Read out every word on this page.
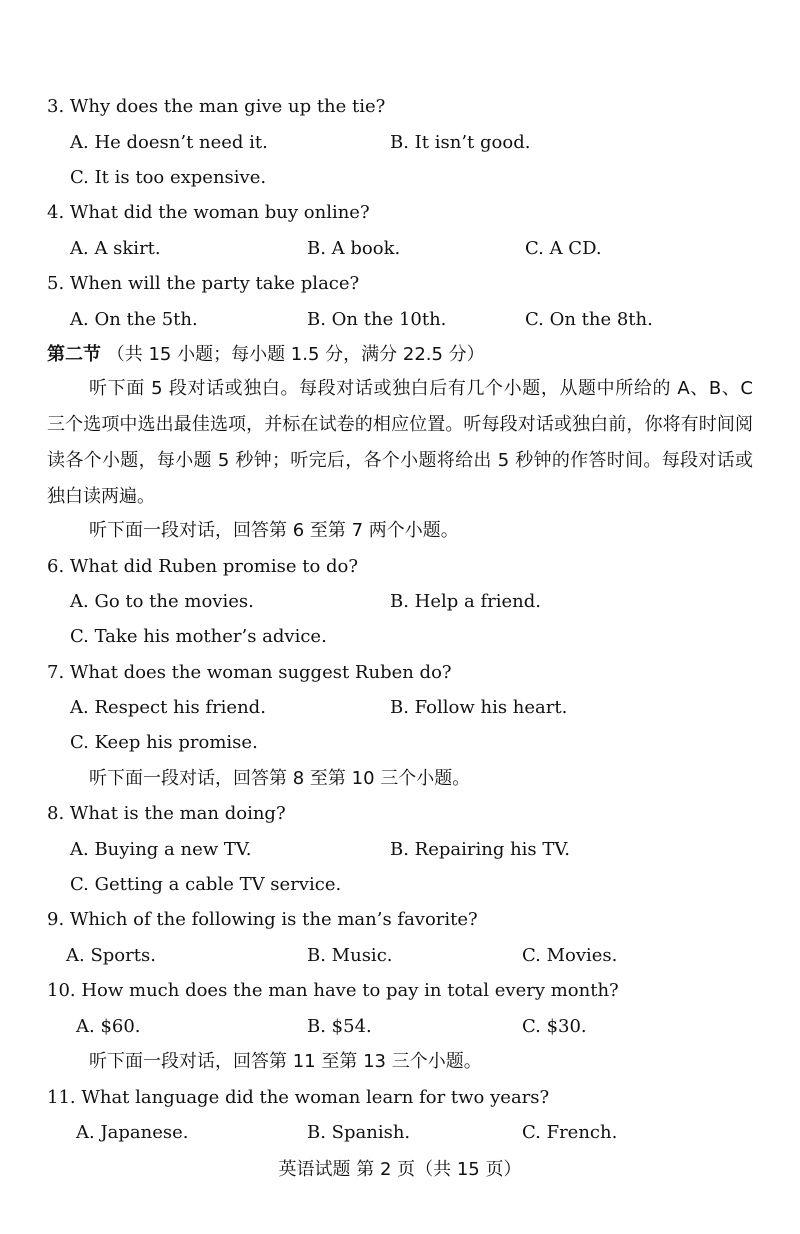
3. Why does the man give up the tie?
A. He doesn’t need it.	B. It isn’t good.
C. It is too expensive.
4. What did the woman buy online?
A. A skirt.	B. A book.	C. A CD.
5. When will the party take place?
A. On the 5th.	B. On the 10th.	C. On the 8th.
第二节 （共 15 小题；每小题 1.5 分，满分 22.5 分）
听下面 5 段对话或独白。每段对话或独白后有几个小题，从题中所给的 A、B、C 三个选项中选出最佳选项，并标在试卷的相应位置。听每段对话或独白前，你将有时间阅读各个小题，每小题 5 秒钟；听完后，各个小题将给出 5 秒钟的作答时间。每段对话或独白读两遍。
听下面一段对话，回答第 6 至第 7 两个小题。
6. What did Ruben promise to do?
A. Go to the movies.	B. Help a friend.
C. Take his mother’s advice.
7. What does the woman suggest Ruben do?
A. Respect his friend.	B. Follow his heart.
C. Keep his promise.
听下面一段对话，回答第 8 至第 10 三个小题。
8. What is the man doing?
A. Buying a new TV.	B. Repairing his TV.
C. Getting a cable TV service.
9. Which of the following is the man’s favorite?
A. Sports.	B. Music.	C. Movies.
10. How much does the man have to pay in total every month?
A. $60.	B. $54.	C. $30.
听下面一段对话，回答第 11 至第 13 三个小题。
11. What language did the woman learn for two years?
A. Japanese.	B. Spanish.	C. French.
英语试题 第 2 页（共 15 页）
